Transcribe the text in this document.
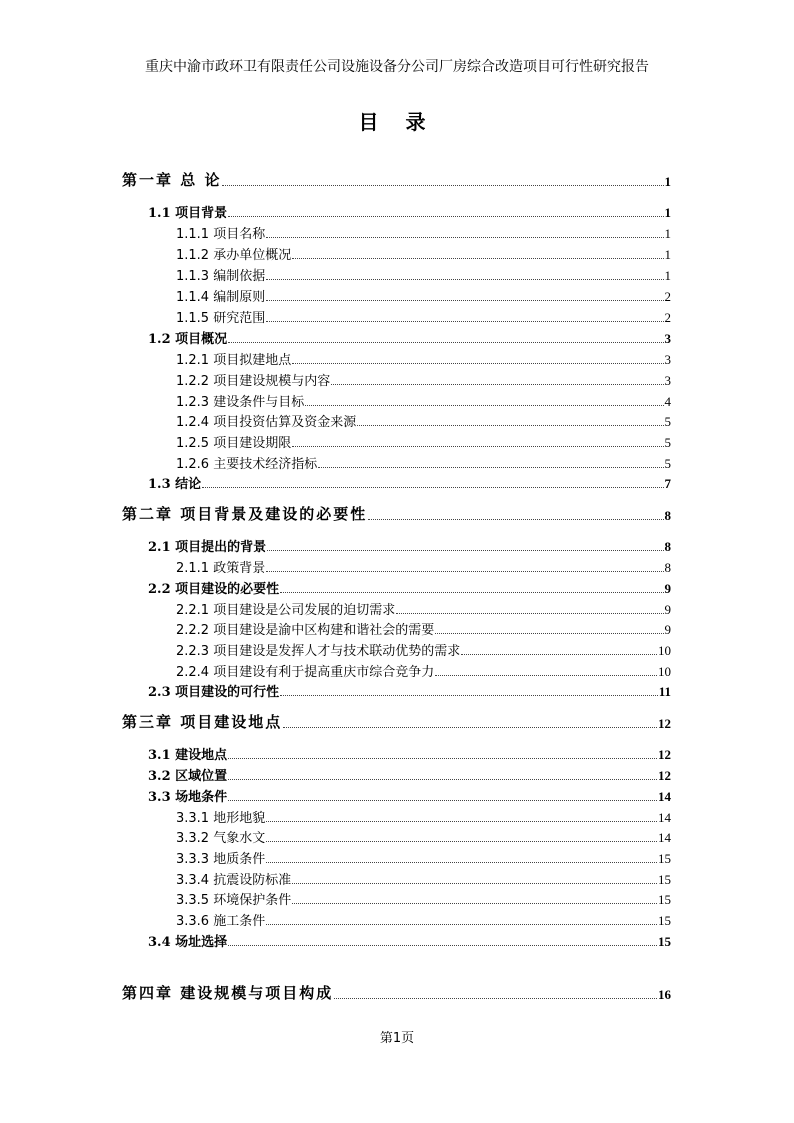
重庆中渝市政环卫有限责任公司设施设备分公司厂房综合改造项目可行性研究报告
目 录
第一章 总 论	1
1.1 项目背景	1
1.1.1 项目名称	1
1.1.2 承办单位概况	1
1.1.3 编制依据	1
1.1.4 编制原则	2
1.1.5 研究范围	2
1.2 项目概况	3
1.2.1 项目拟建地点	3
1.2.2 项目建设规模与内容	3
1.2.3 建设条件与目标	4
1.2.4 项目投资估算及资金来源	5
1.2.5 项目建设期限	5
1.2.6 主要技术经济指标	5
1.3 结论	7
第二章 项目背景及建设的必要性	8
2.1 项目提出的背景	8
2.1.1 政策背景	8
2.2 项目建设的必要性	9
2.2.1 项目建设是公司发展的迫切需求	9
2.2.2 项目建设是渝中区构建和谐社会的需要	9
2.2.3 项目建设是发挥人才与技术联动优势的需求	10
2.2.4 项目建设有利于提高重庆市综合竞争力	10
2.3 项目建设的可行性	11
第三章 项目建设地点	12
3.1 建设地点	12
3.2 区域位置	12
3.3 场地条件	14
3.3.1 地形地貌	14
3.3.2 气象水文	14
3.3.3 地质条件	15
3.3.4 抗震设防标准	15
3.3.5 环境保护条件	15
3.3.6 施工条件	15
3.4 场址选择	15
第四章 建设规模与项目构成	16
第1页
